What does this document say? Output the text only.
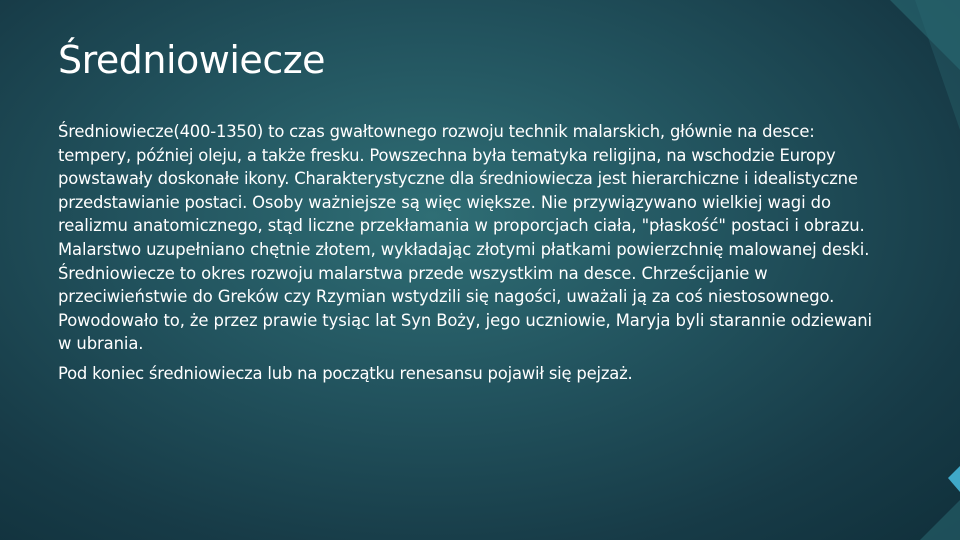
Średniowiecze

Średniowiecze(400-1350) to czas gwałtownego rozwoju technik malarskich, głównie na desce: tempery, później oleju, a także fresku. Powszechna była tematyka religijna, na wschodzie Europy powstawały doskonałe ikony. Charakterystyczne dla średniowiecza jest hierarchiczne i idealistyczne przedstawianie postaci. Osoby ważniejsze są więc większe. Nie przywiązywano wielkiej wagi do realizmu anatomicznego, stąd liczne przekłamania w proporcjach ciała, "płaskość" postaci i obrazu. Malarstwo uzupełniano chętnie złotem, wykładając złotymi płatkami powierzchnię malowanej deski. Średniowiecze to okres rozwoju malarstwa przede wszystkim na desce. Chrześcijanie w przeciwieństwie do Greków czy Rzymian wstydzili się nagości, uważali ją za coś niestosownego. Powodowało to, że przez prawie tysiąc lat Syn Boży, jego uczniowie, Maryja byli starannie odziewani w ubrania.

Pod koniec średniowiecza lub na początku renesansu pojawił się pejzaż.
